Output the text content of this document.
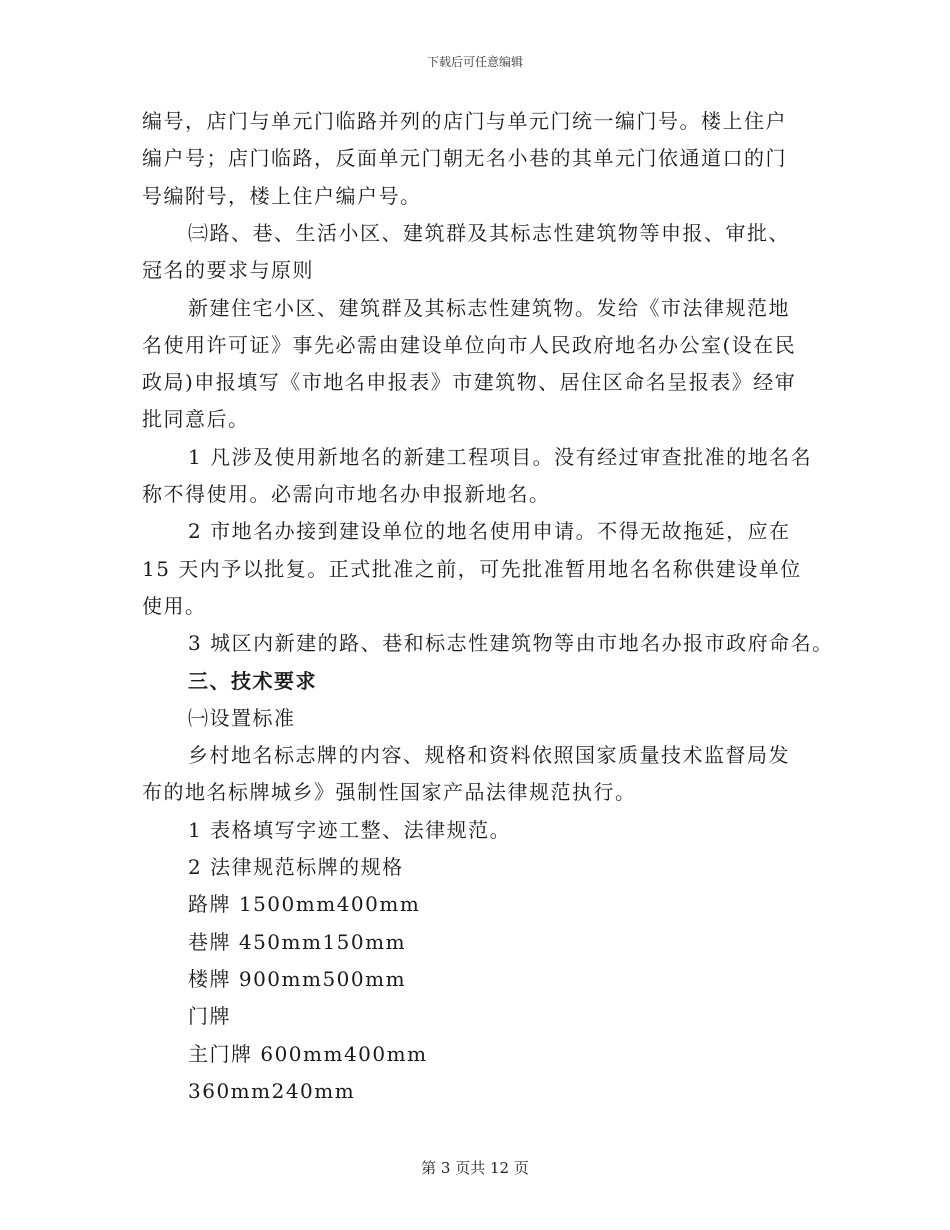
下载后可任意编辑
编号，店门与单元门临路并列的店门与单元门统一编门号。楼上住户
编户号；店门临路，反面单元门朝无名小巷的其单元门依通道口的门
号编附号，楼上住户编户号。
㈢路、巷、生活小区、建筑群及其标志性建筑物等申报、审批、
冠名的要求与原则
新建住宅小区、建筑群及其标志性建筑物。发给《市法律规范地
名使用许可证》事先必需由建设单位向市人民政府地名办公室(设在民
政局)申报填写《市地名申报表》市建筑物、居住区命名呈报表》经审
批同意后。
1 凡涉及使用新地名的新建工程项目。没有经过审查批准的地名名
称不得使用。必需向市地名办申报新地名。
2 市地名办接到建设单位的地名使用申请。不得无故拖延，应在
15 天内予以批复。正式批准之前，可先批准暂用地名名称供建设单位
使用。
3 城区内新建的路、巷和标志性建筑物等由市地名办报市政府命名。
三、技术要求
㈠设置标准
乡村地名标志牌的内容、规格和资料依照国家质量技术监督局发
布的地名标牌城乡》强制性国家产品法律规范执行。
1 表格填写字迹工整、法律规范。
2 法律规范标牌的规格
路牌 1500mm400mm
巷牌 450mm150mm
楼牌 900mm500mm
门牌
主门牌 600mm400mm
360mm240mm
第 3 页共 12 页
